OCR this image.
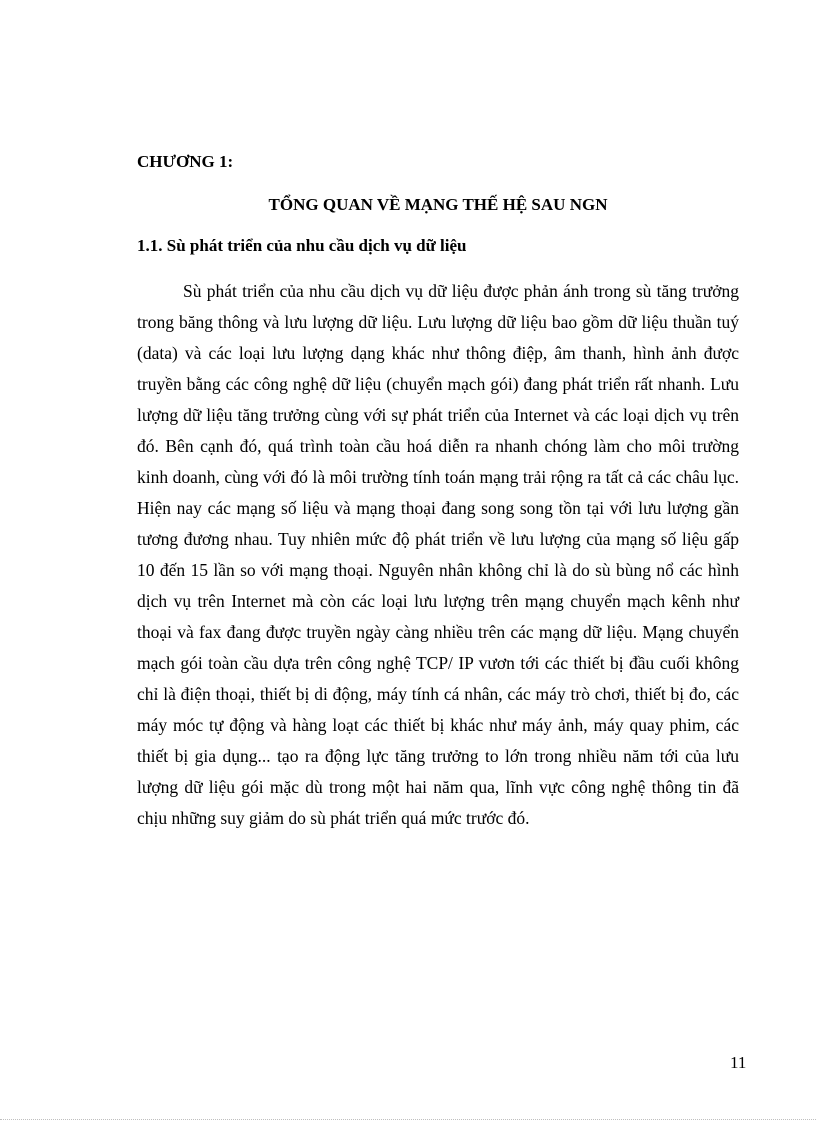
CHƯƠNG 1:

TỔNG QUAN VỀ MẠNG THẾ HỆ SAU NGN

1.1. Sù phát triển của nhu cầu dịch vụ dữ liệu

Sù phát triển của nhu cầu dịch vụ dữ liệu được phản ánh trong sù tăng trưởng trong băng thông và lưu lượng dữ liệu. Lưu lượng dữ liệu bao gồm dữ liệu thuần tuý (data) và các loại lưu lượng dạng khác như thông điệp, âm thanh, hình ảnh được truyền bằng các công nghệ dữ liệu (chuyển mạch gói) đang phát triển rất nhanh. Lưu lượng dữ liệu tăng trưởng cùng với sự phát triển của Internet và các loại dịch vụ trên đó. Bên cạnh đó, quá trình toàn cầu hoá diễn ra nhanh chóng làm cho môi trường kinh doanh, cùng với đó là môi trường tính toán mạng trải rộng ra tất cả các châu lục. Hiện nay các mạng số liệu và mạng thoại đang song song tồn tại với lưu lượng gần tương đương nhau. Tuy nhiên mức độ phát triển về lưu lượng của mạng số liệu gấp 10 đến 15 lần so với mạng thoại. Nguyên nhân không chỉ là do sù bùng nổ các hình dịch vụ trên Internet mà còn các loại lưu lượng trên mạng chuyển mạch kênh như thoại và fax đang được truyền ngày càng nhiều trên các mạng dữ liệu. Mạng chuyển mạch gói toàn cầu dựa trên công nghệ TCP/ IP vươn tới các thiết bị đầu cuối không chỉ là điện thoại, thiết bị di động, máy tính cá nhân, các máy trò chơi, thiết bị đo, các máy móc tự động và hàng loạt các thiết bị khác như máy ảnh, máy quay phim, các thiết bị gia dụng... tạo ra động lực tăng trưởng to lớn trong nhiều năm tới của lưu lượng dữ liệu gói mặc dù trong một hai năm qua, lĩnh vực công nghệ thông tin đã chịu những suy giảm do sù phát triển quá mức trước đó.

11
